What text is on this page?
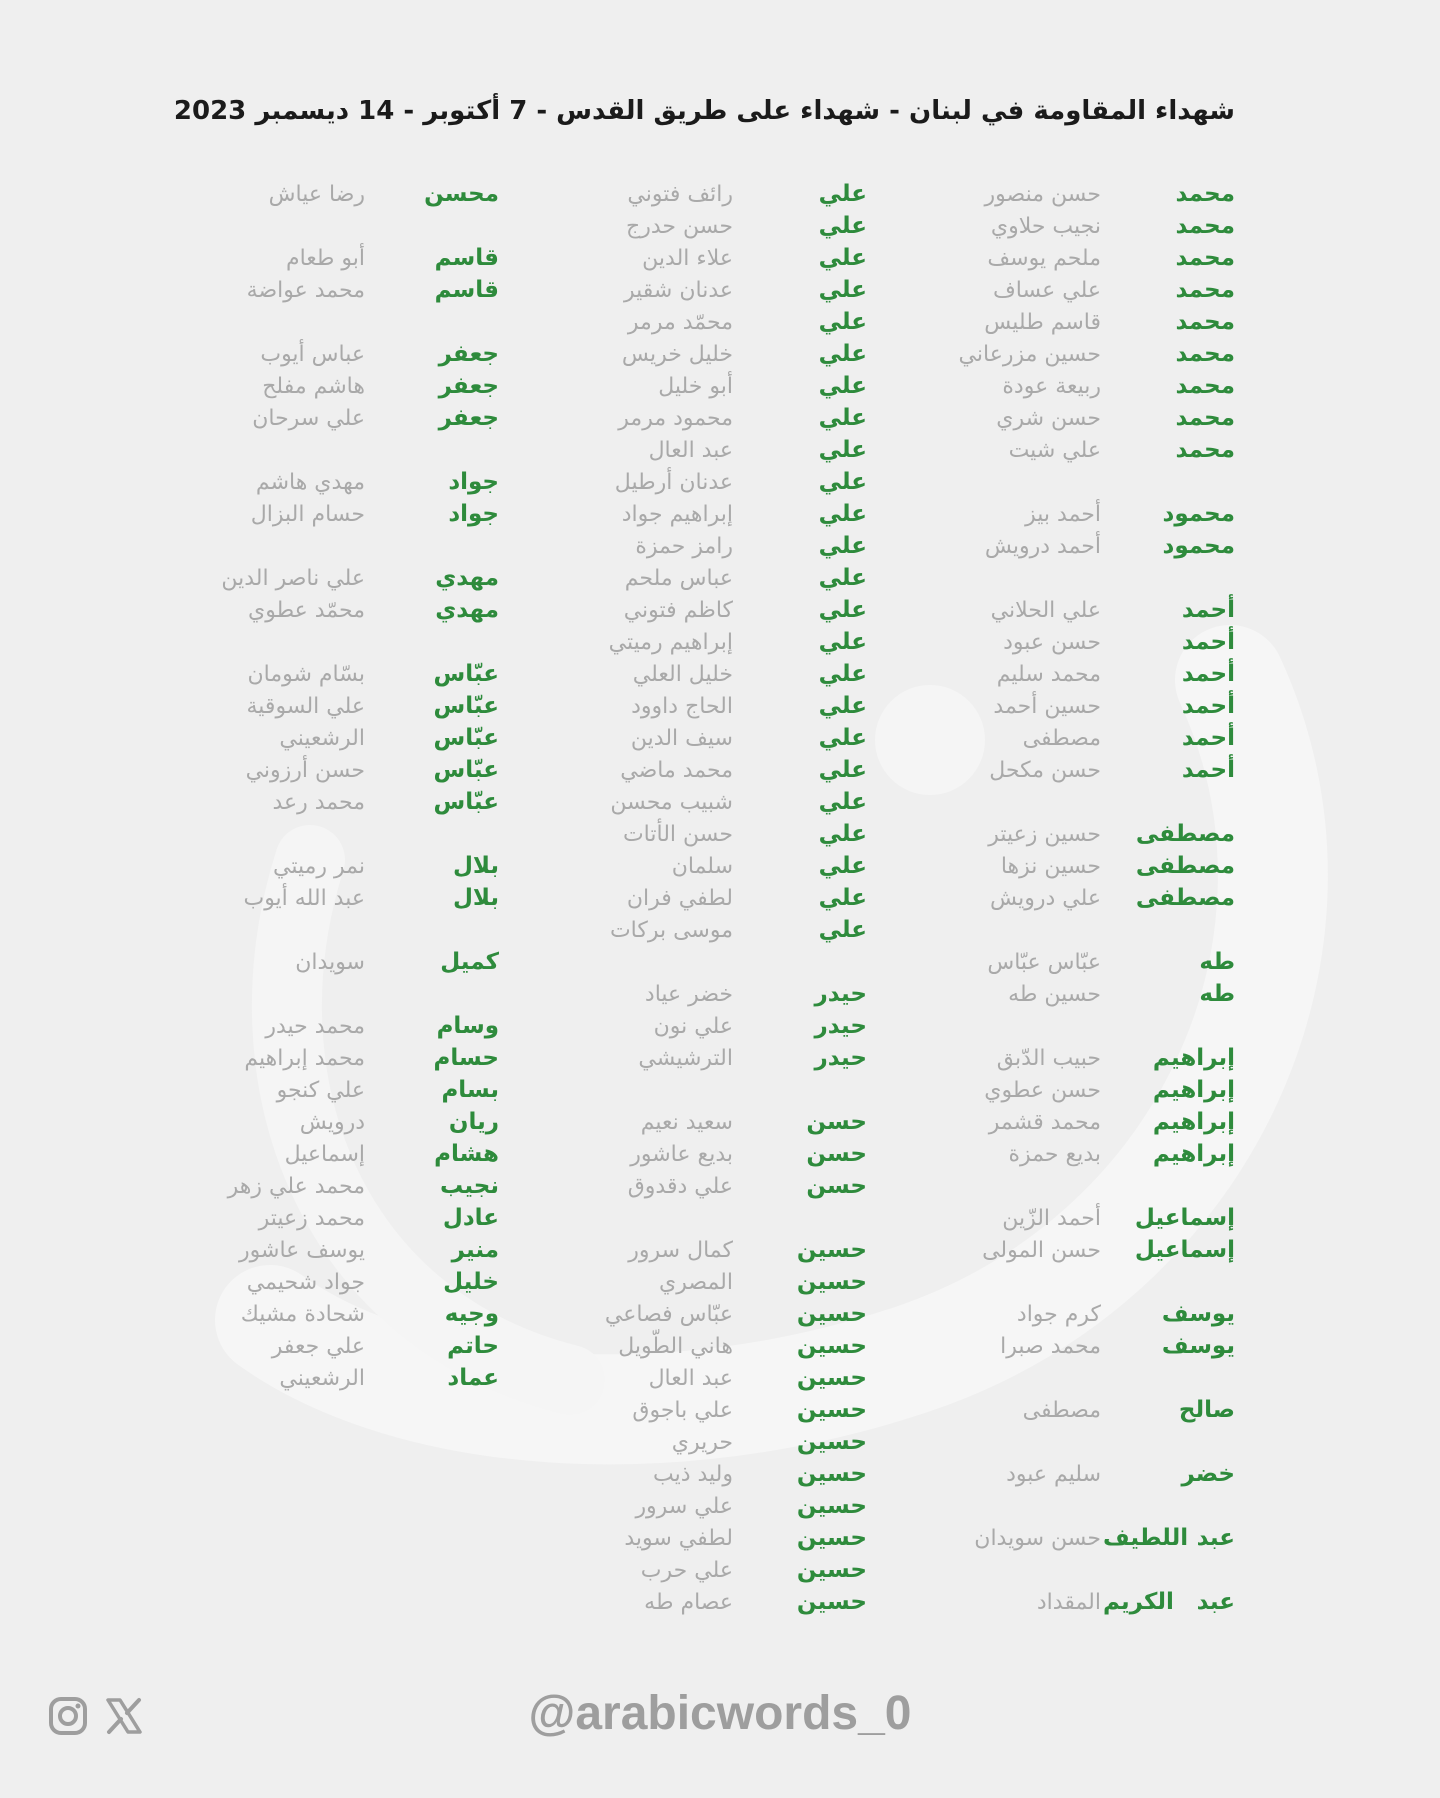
شهداء المقاومة في لبنان - شهداء على طريق القدس - 7 أكتوبر - 14 ديسمبر 2023
محمد
حسن منصور
محمد
نجيب حلاوي
محمد
ملحم يوسف
محمد
علي عساف
محمد
قاسم طليس
محمد
حسين مزرعاني
محمد
ربيعة عودة
محمد
حسن شري
محمد
علي شيت
محمود
أحمد بيز
محمود
أحمد درويش
أحمد
علي الحلاني
أحمد
حسن عبود
أحمد
محمد سليم
أحمد
حسين أحمد
أحمد
مصطفى
أحمد
حسن مكحل
مصطفى
حسين زعيتر
مصطفى
حسين نزها
مصطفى
علي درويش
طه
عبّاس عبّاس
طه
حسين طه
إبراهيم
حبيب الدّبق
إبراهيم
حسن عطوي
إبراهيم
محمد قشمر
إبراهيم
بديع حمزة
إسماعيل
أحمد الزّين
إسماعيل
حسن المولى
يوسف
كرم جواد
يوسف
محمد صبرا
صالح
مصطفى
خضر
سليم عبود
عبد اللطيف
حسن سويدان
عبد الكريم
المقداد
علي
رائف فتوني
علي
حسن حدرج
علي
علاء الدين
علي
عدنان شقير
علي
محمّد مرمر
علي
خليل خريس
علي
أبو خليل
علي
محمود مرمر
علي
عبد العال
علي
عدنان أرطيل
علي
إبراهيم جواد
علي
رامز حمزة
علي
عباس ملحم
علي
كاظم فتوني
علي
إبراهيم رميتي
علي
خليل العلي
علي
الحاج داوود
علي
سيف الدين
علي
محمد ماضي
علي
شبيب محسن
علي
حسن الأتات
علي
سلمان
علي
لطفي فران
علي
موسى بركات
حيدر
خضر عياد
حيدر
علي نون
حيدر
الترشيشي
حسن
سعيد نعيم
حسن
بديع عاشور
حسن
علي دقدوق
حسين
كمال سرور
حسين
المصري
حسين
عبّاس فصاعي
حسين
هاني الطّويل
حسين
عبد العال
حسين
علي باجوق
حسين
حريري
حسين
وليد ذيب
حسين
علي سرور
حسين
لطفي سويد
حسين
علي حرب
حسين
عصام طه
محسن
رضا عياش
قاسم
أبو طعام
قاسم
محمد عواضة
جعفر
عباس أيوب
جعفر
هاشم مفلح
جعفر
علي سرحان
جواد
مهدي هاشم
جواد
حسام البزال
مهدي
علي ناصر الدين
مهدي
محمّد عطوي
عبّاس
بسّام شومان
عبّاس
علي السوقية
عبّاس
الرشعيني
عبّاس
حسن أرزوني
عبّاس
محمد رعد
بلال
نمر رميتي
بلال
عبد الله أيوب
كميل
سويدان
وسام
محمد حيدر
حسام
محمد إبراهيم
بسام
علي كنجو
ريان
درويش
هشام
إسماعيل
نجيب
محمد علي زهر
عادل
محمد زعيتر
منير
يوسف عاشور
خليل
جواد شحيمي
وجيه
شحادة مشيك
حاتم
علي جعفر
عماد
الرشعيني
@arabicwords_0
